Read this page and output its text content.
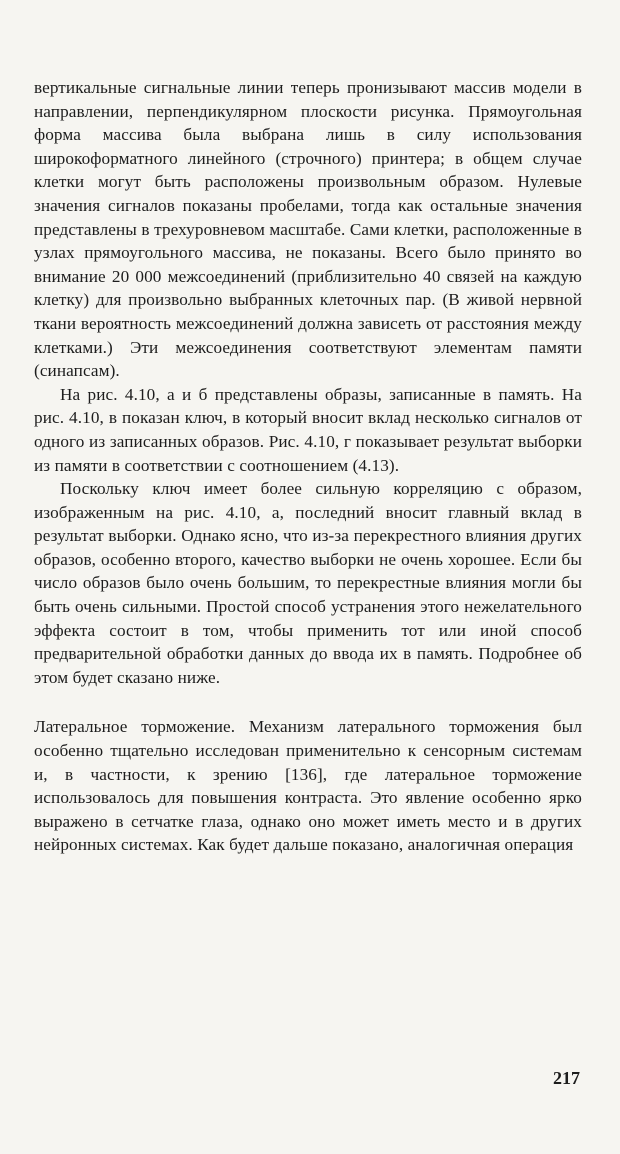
вертикальные сигнальные линии теперь пронизывают массив модели в направлении, перпендикулярном плоскости рисунка. Прямоугольная форма массива была выбрана лишь в силу использования широкоформатного линейного (строчного) принтера; в общем случае клетки могут быть расположены произвольным образом. Нулевые значения сигналов показаны пробелами, тогда как остальные значения представлены в трехуровневом масштабе. Сами клетки, расположенные в узлах прямоугольного массива, не показаны. Всего было принято во внимание 20 000 межсоединений (приблизительно 40 связей на каждую клетку) для произвольно выбранных клеточных пар. (В живой нервной ткани вероятность межсоединений должна зависеть от расстояния между клетками.) Эти межсоединения соответствуют элементам памяти (синапсам).

На рис. 4.10, а и б представлены образы, записанные в память. На рис. 4.10, в показан ключ, в который вносит вклад несколько сигналов от одного из записанных образов. Рис. 4.10, г показывает результат выборки из памяти в соответствии с соотношением (4.13).

Поскольку ключ имеет более сильную корреляцию с образом, изображенным на рис. 4.10, а, последний вносит главный вклад в результат выборки. Однако ясно, что из-за перекрестного влияния других образов, особенно второго, качество выборки не очень хорошее. Если бы число образов было очень большим, то перекрестные влияния могли бы быть очень сильными. Простой способ устранения этого нежелательного эффекта состоит в том, чтобы применить тот или иной способ предварительной обработки данных до ввода их в память. Подробнее об этом будет сказано ниже.

Латеральное торможение. Механизм латерального торможения был особенно тщательно исследован применительно к сенсорным системам и, в частности, к зрению [136], где латеральное торможение использовалось для повышения контраста. Это явление особенно ярко выражено в сетчатке глаза, однако оно может иметь место и в других нейронных системах. Как будет дальше показано, аналогичная операция

217
